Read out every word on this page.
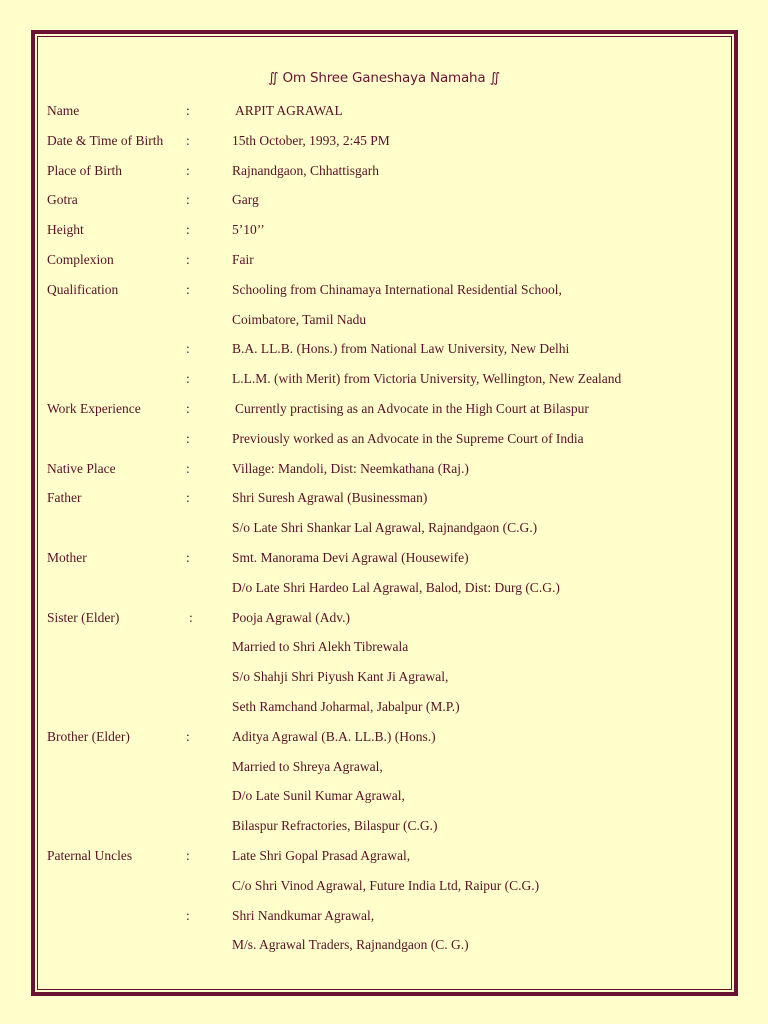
∬ Om Shree Ganeshaya Namaha ∬
Name	:	ARPIT AGRAWAL
Date & Time of Birth :	15th October, 1993, 2:45 PM
Place of Birth	:	Rajnandgaon, Chhattisgarh
Gotra	:	Garg
Height	:	5’10’’
Complexion	:	Fair
Qualification	:	Schooling from Chinamaya International Residential School,
Coimbatore, Tamil Nadu
:	B.A. LL.B. (Hons.) from National Law University, New Delhi
:	L.L.M. (with Merit) from Victoria University, Wellington, New Zealand
Work Experience	:	Currently practising as an Advocate in the High Court at Bilaspur
:	Previously worked as an Advocate in the Supreme Court of India
Native Place	:	Village: Mandoli, Dist: Neemkathana (Raj.)
Father	:	Shri Suresh Agrawal (Businessman)
S/o Late Shri Shankar Lal Agrawal, Rajnandgaon (C.G.)
Mother	:	Smt. Manorama Devi Agrawal (Housewife)
D/o Late Shri Hardeo Lal Agrawal, Balod, Dist: Durg (C.G.)
Sister (Elder)	:	Pooja Agrawal (Adv.)
Married to Shri Alekh Tibrewala
S/o Shahji Shri Piyush Kant Ji Agrawal,
Seth Ramchand Joharmal, Jabalpur (M.P.)
Brother (Elder)	:	Aditya Agrawal (B.A. LL.B.) (Hons.)
Married to Shreya Agrawal,
D/o Late Sunil Kumar Agrawal,
Bilaspur Refractories, Bilaspur (C.G.)
Paternal Uncles	:	Late Shri Gopal Prasad Agrawal,
C/o Shri Vinod Agrawal, Future India Ltd, Raipur (C.G.)
:	Shri Nandkumar Agrawal,
M/s. Agrawal Traders, Rajnandgaon (C. G.)
